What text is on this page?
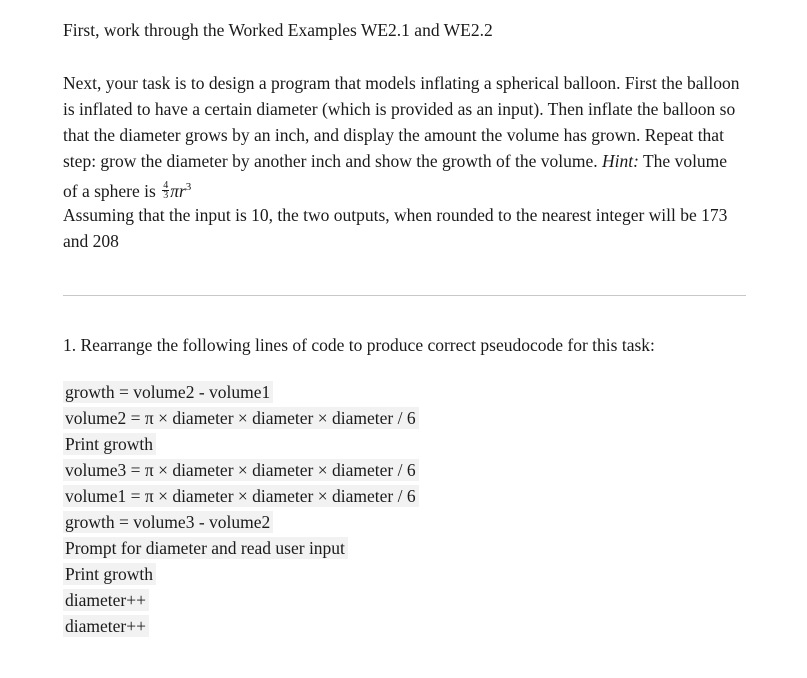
First, work through the Worked Examples WE2.1 and WE2.2
Next, your task is to design a program that models inflating a spherical balloon. First the balloon is inflated to have a certain diameter (which is provided as an input). Then inflate the balloon so that the diameter grows by an inch, and display the amount the volume has grown. Repeat that step: grow the diameter by another inch and show the growth of the volume. Hint: The volume of a sphere is $\frac{4}{3} \pi r^3$
Assuming that the input is 10, the two outputs, when rounded to the nearest integer will be 173 and 208
1. Rearrange the following lines of code to produce correct pseudocode for this task:
growth = volume2 - volume1
volume2 = π × diameter × diameter × diameter / 6
Print growth
volume3 = π × diameter × diameter × diameter / 6
volume1 = π × diameter × diameter × diameter / 6
growth = volume3 - volume2
Prompt for diameter and read user input
Print growth
diameter++
diameter++
